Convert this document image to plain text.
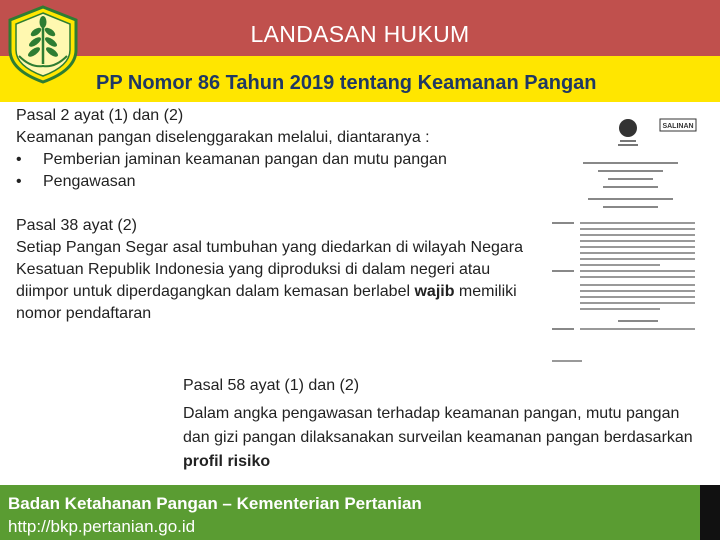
LANDASAN HUKUM
PP Nomor 86 Tahun 2019 tentang Keamanan Pangan

Pasal 2 ayat (1) dan (2)

Keamanan pangan diselenggarakan melalui, diantaranya :

• Pemberian jaminan keamanan pangan dan mutu pangan
• Pengawasan

Pasal 38 ayat (2)

Setiap Pangan Segar asal tumbuhan yang diedarkan di wilayah Negara Kesatuan Republik Indonesia yang diproduksi di dalam negeri atau diimpor untuk diperdagangkan dalam kemasan berlabel wajib memiliki nomor pendaftaran

Pasal 58 ayat (1) dan (2)

Dalam angka pengawasan terhadap keamanan pangan, mutu pangan dan gizi pangan dilaksanakan surveilan keamanan pangan berdasarkan profil risiko

SALINAN
Badan Ketahanan Pangan – Kementerian Pertanian
http://bkp.pertanian.go.id
